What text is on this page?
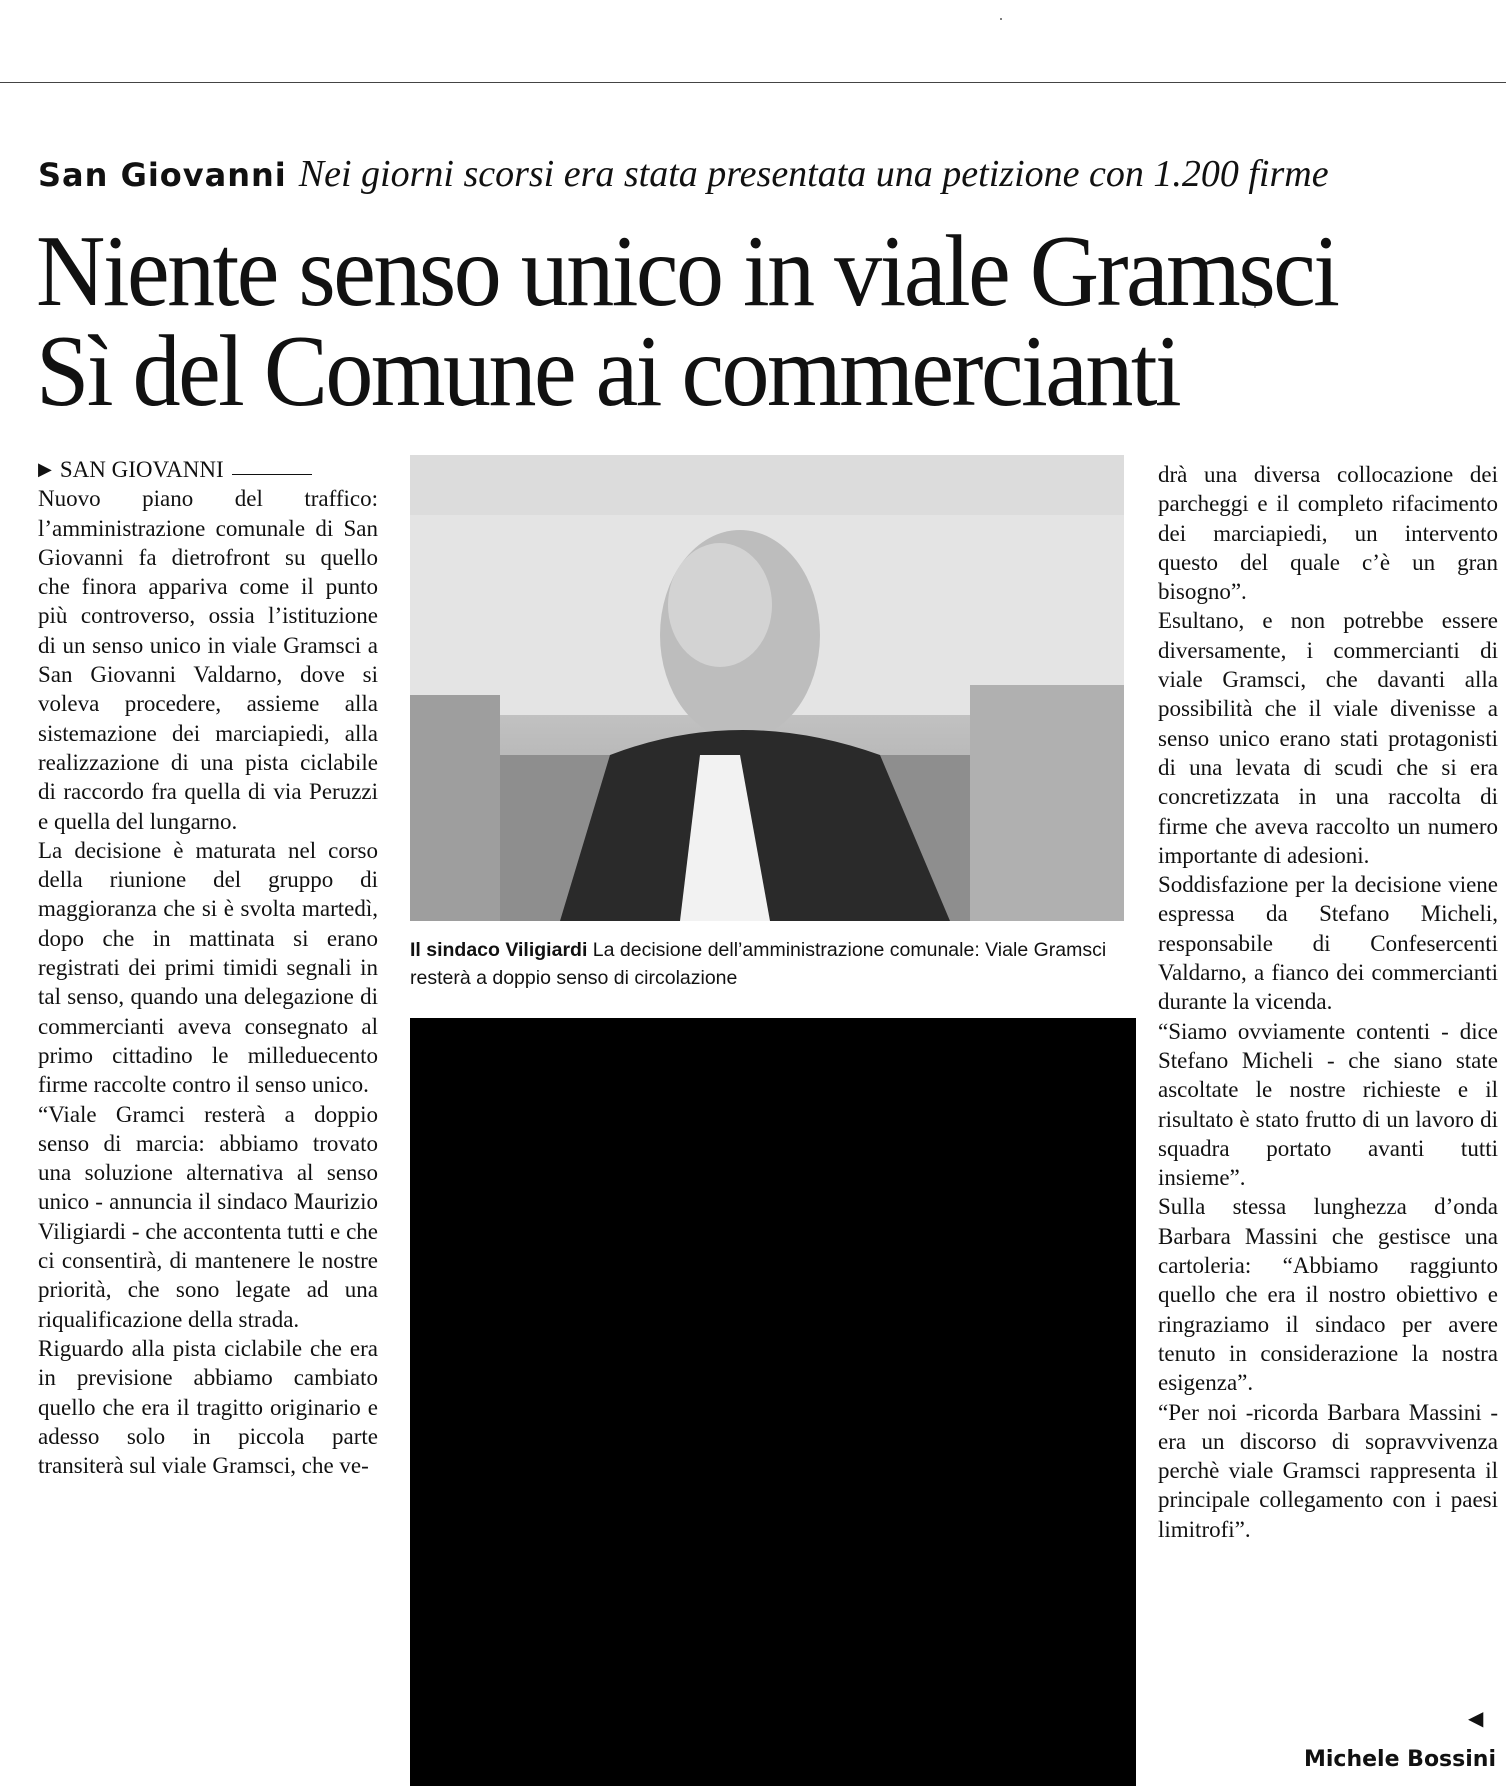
San Giovanni Nei giorni scorsi era stata presentata una petizione con 1.200 firme
Niente senso unico in viale Gramsci
Sì del Comune ai commercianti
▶ SAN GIOVANNI

Nuovo piano del traffico: l’amministrazione comunale di San Giovanni fa dietrofront su quello che finora appariva come il punto più controverso, ossia l’istituzione di un senso unico in viale Gramsci a San Giovanni Valdarno, dove si voleva procedere, assieme alla sistemazione dei marciapiedi, alla realizzazione di una pista ciclabile di raccordo fra quella di via Peruzzi e quella del lungarno.

La decisione è maturata nel corso della riunione del gruppo di maggioranza che si è svolta martedì, dopo che in mattinata si erano registrati dei primi timidi segnali in tal senso, quando una delegazione di commercianti aveva consegnato al primo cittadino le milleduecento firme raccolte contro il senso unico.

“Viale Gramci resterà a doppio senso di marcia: abbiamo trovato una soluzione alternativa al senso unico - annuncia il sindaco Maurizio Viligiardi - che accontenta tutti e che ci consentirà, di mantenere le nostre priorità, che sono legate ad una riqualificazione della strada.

Riguardo alla pista ciclabile che era in previsione abbiamo cambiato quello che era il tragitto originario e adesso solo in piccola parte transiterà sul viale Gramsci, che ve-

Il sindaco Viligiardi La decisione dell’amministrazione comunale: Viale Gramsci resterà a doppio senso di circolazione

drà una diversa collocazione dei parcheggi e il completo rifacimento dei marciapiedi, un intervento questo del quale c’è un gran bisogno”.

Esultano, e non potrebbe essere diversamente, i commercianti di viale Gramsci, che davanti alla possibilità che il viale divenisse a senso unico erano stati protagonisti di una levata di scudi che si era concretizzata in una raccolta di firme che aveva raccolto un numero importante di adesioni.

Soddisfazione per la decisione viene espressa da Stefano Micheli, responsabile di Confesercenti Valdarno, a fianco dei commercianti durante la vicenda.

“Siamo ovviamente contenti - dice Stefano Micheli - che siano state ascoltate le nostre richieste e il risultato è stato frutto di un lavoro di squadra portato avanti tutti insieme”.

Sulla stessa lunghezza d’onda Barbara Massini che gestisce una cartoleria: “Abbiamo raggiunto quello che era il nostro obiettivo e ringraziamo il sindaco per avere tenuto in considerazione la nostra esigenza”.

“Per noi -ricorda Barbara Massini - era un discorso di sopravvivenza perchè viale Gramsci rappresenta il principale collegamento con i paesi limitrofi”.

◀
Michele Bossini
